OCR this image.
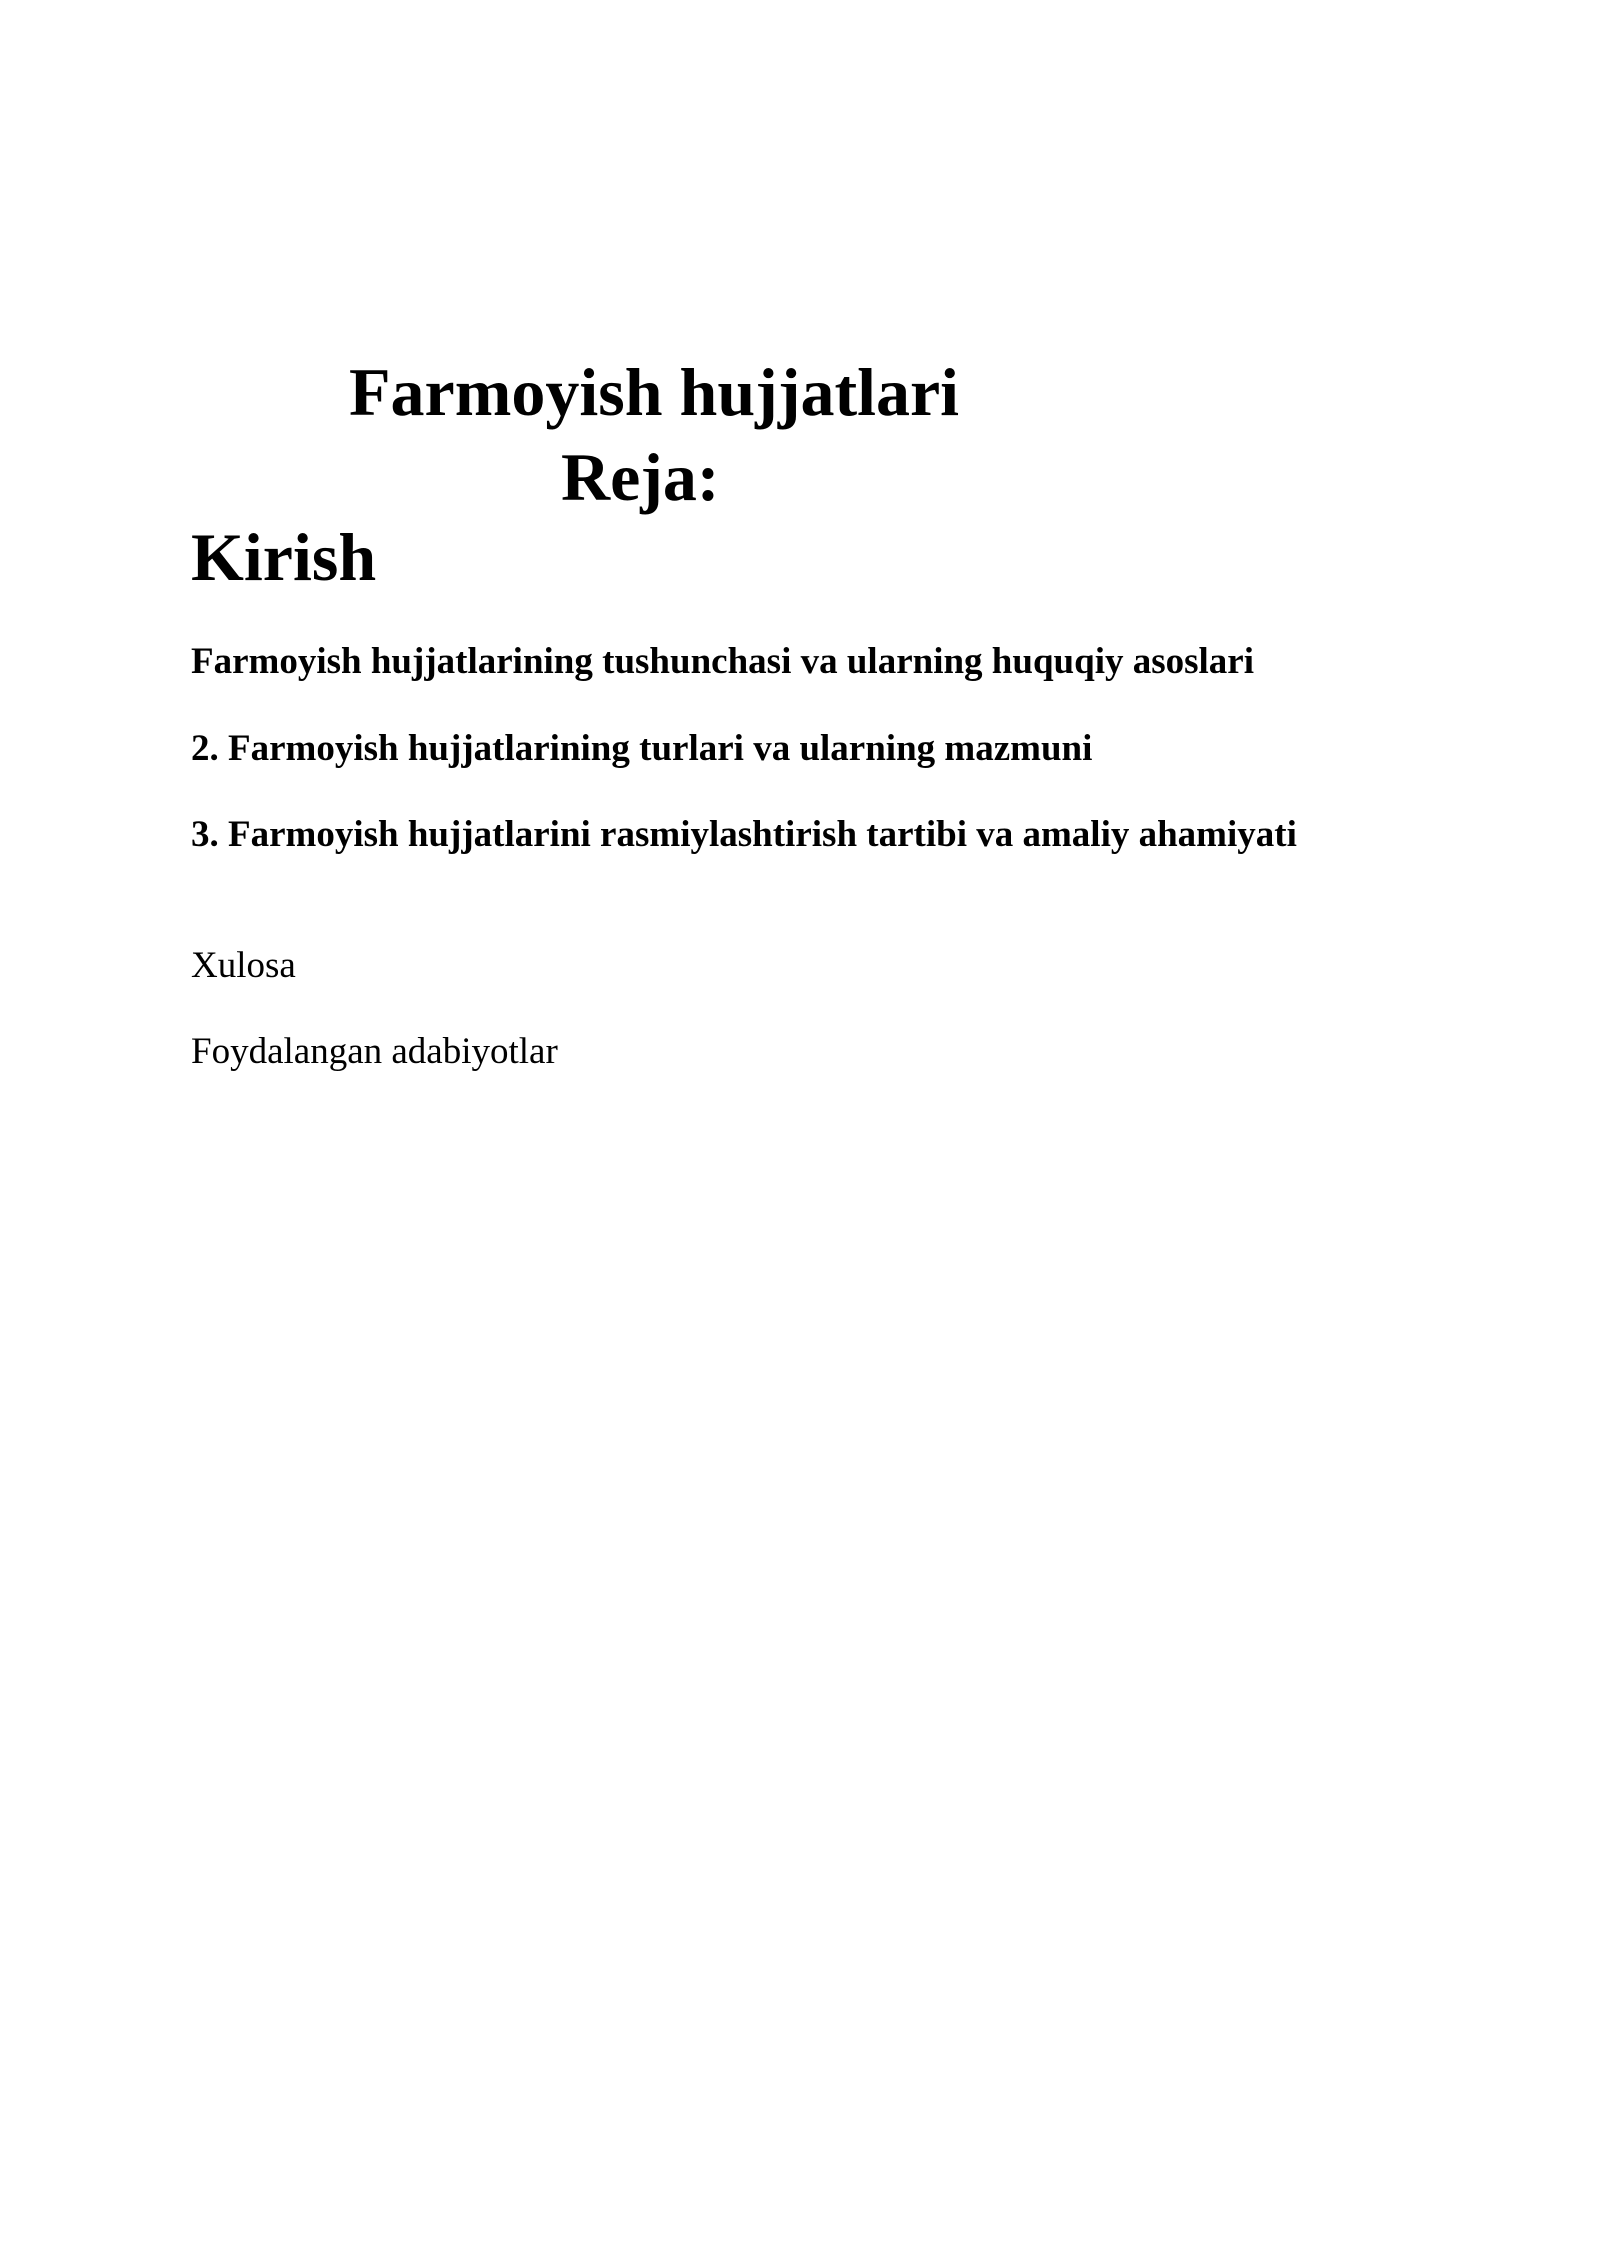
Farmoyish hujjatlari
Reja:
Kirish

Farmoyish hujjatlarining tushunchasi va ularning huquqiy asoslari

2. Farmoyish hujjatlarining turlari va ularning mazmuni

3. Farmoyish hujjatlarini rasmiylashtirish tartibi va amaliy ahamiyati

Xulosa

Foydalangan adabiyotlar
